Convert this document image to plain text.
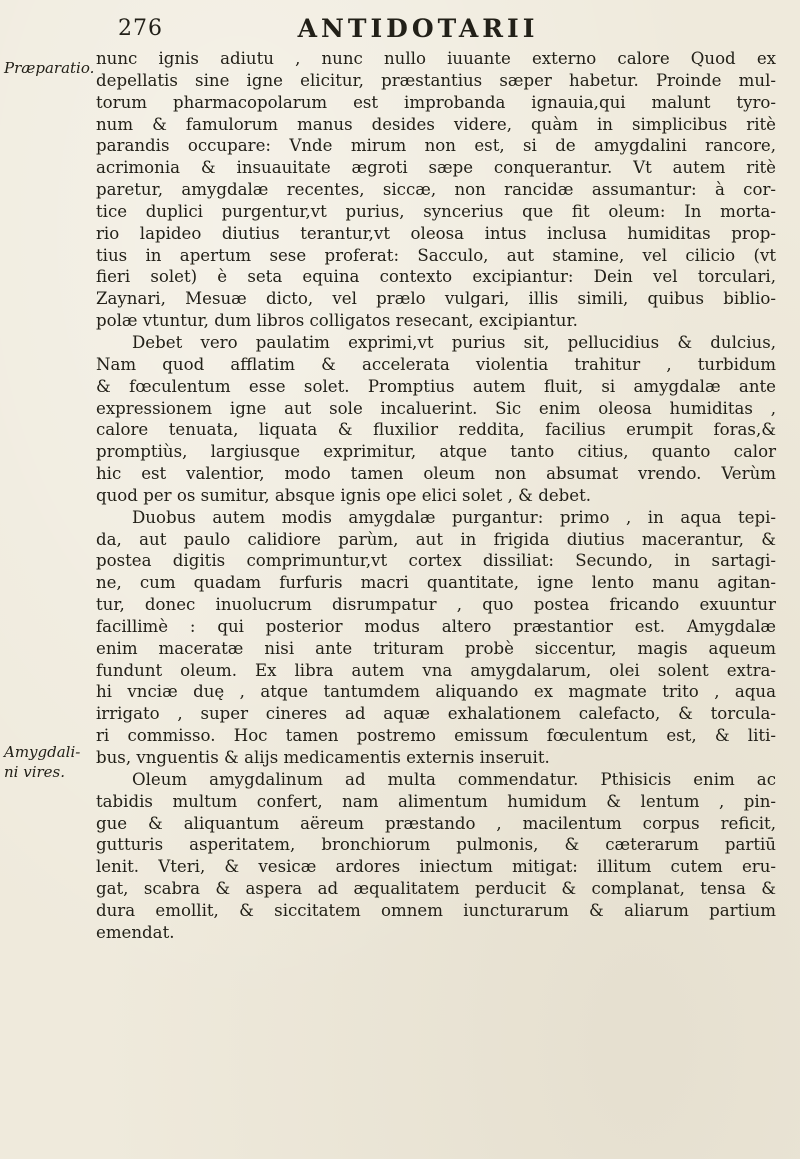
276	ANTIDOTARII
Præparatio.
Amygdali-ni vires.

nunc ignis adiutu , nunc nullo iuuante externo calore Quod ex
depellatis sine igne elicitur, præstantius sæper habetur. Proinde mul-
torum pharmacopolarum est improbanda ignauia,qui malunt tyro-
num & famulorum manus desides videre, quàm in simplicibus ritè
parandis occupare: Vnde mirum non est, si de amygdalini rancore,
acrimonia & insuauitate ægroti sæpe conquerantur. Vt autem ritè
paretur, amygdalæ recentes, siccæ, non rancidæ assumantur: à cor-
tice duplici purgentur,vt purius, syncerius que fit oleum: In morta-
rio lapideo diutius terantur,vt oleosa intus inclusa humiditas prop-
tius in apertum sese proferat: Sacculo, aut stamine, vel cilicio (vt
fieri solet) è seta equina contexto excipiantur: Dein vel torculari,
Zaynari, Mesuæ dicto, vel prælo vulgari, illis simili, quibus biblio-
polæ vtuntur, dum libros colligatos resecant, excipiantur.

Debet vero paulatim exprimi,vt purius sit, pellucidius & dulcius,
Nam quod afflatim & accelerata violentia trahitur , turbidum
& fœculentum esse solet. Promptius autem fluit, si amygdalæ ante
expressionem igne aut sole incaluerint. Sic enim oleosa humiditas ,
calore tenuata, liquata & fluxilior reddita, facilius erumpit foras,&
promptiùs, largiusque exprimitur, atque tanto citius, quanto calor
hic est valentior, modo tamen oleum non absumat vrendo. Verùm
quod per os sumitur, absque ignis ope elici solet , & debet.

Duobus autem modis amygdalæ purgantur: primo , in aqua tepi-
da, aut paulo calidiore parùm, aut in frigida diutius macerantur, &
postea digitis comprimuntur,vt cortex dissiliat: Secundo, in sartagi-
ne, cum quadam furfuris macri quantitate, igne lento manu agitan-
tur, donec inuolucrum disrumpatur , quo postea fricando exuuntur
facillimè : qui posterior modus altero præstantior est. Amygdalæ
enim maceratæ nisi ante trituram probè siccentur, magis aqueum
fundunt oleum. Ex libra autem vna amygdalarum, olei solent extra-
hi vnciæ duę , atque tantumdem aliquando ex magmate trito , aqua
irrigato , super cineres ad aquæ exhalationem calefacto, & torcula-
ri commisso. Hoc tamen postremo emissum fœculentum est, & liti-
bus, vnguentis & alijs medicamentis externis inseruit.

Oleum amygdalinum ad multa commendatur. Pthisicis enim ac
tabidis multum confert, nam alimentum humidum & lentum , pin-
gue & aliquantum aëreum præstando , macilentum corpus reficit,
gutturis asperitatem, bronchiorum pulmonis, & cæterarum partiū
lenit. Vteri, & vesicæ ardores iniectum mitigat: illitum cutem eru-
gat, scabra & aspera ad æqualitatem perducit & complanat, tensa &
dura emollit, & siccitatem omnem iuncturarum & aliarum partium
emendat.
